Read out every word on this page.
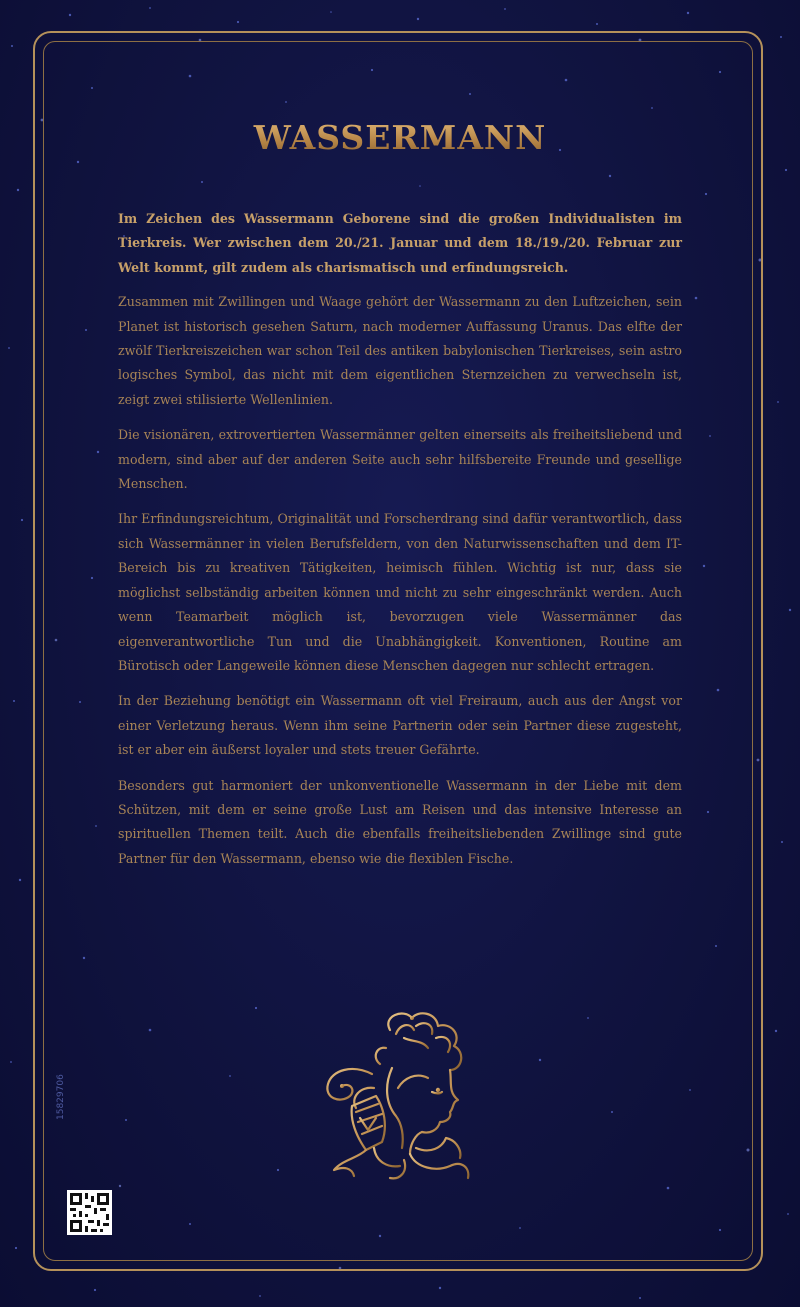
WASSERMANN

Im Zeichen des Wassermann Geborene sind die großen Individualisten im Tierkreis. Wer zwischen dem 20./21. Januar und dem 18./19./20. Februar zur Welt kommt, gilt zudem als charismatisch und erfindungsreich.

Zusammen mit Zwillingen und Waage gehört der Wassermann zu den Luftzeichen, sein Planet ist historisch gesehen Saturn, nach moderner Auffassung Uranus. Das elfte der zwölf Tierkreiszeichen war schon Teil des antiken babylonischen Tierkreises, sein astro logisches Symbol, das nicht mit dem eigentlichen Sternzeichen zu verwechseln ist, zeigt zwei stilisierte Wellenlinien.

Die visionären, extrovertierten Wassermänner gelten einerseits als freiheitsliebend und modern, sind aber auf der anderen Seite auch sehr hilfsbereite Freunde und gesellige Menschen.

Ihr Erfindungsreichtum, Originalität und Forscherdrang sind dafür verantwortlich, dass sich Wassermänner in vielen Berufsfeldern, von den Naturwissenschaften und dem IT-Bereich bis zu kreativen Tätigkeiten, heimisch fühlen. Wichtig ist nur, dass sie möglichst selbständig arbeiten können und nicht zu sehr eingeschränkt werden. Auch wenn Teamarbeit möglich ist, bevorzugen viele Wassermänner das eigenverantwortliche Tun und die Unabhängigkeit. Konventionen, Routine am Bürotisch oder Langeweile können diese Menschen dagegen nur schlecht ertragen.

In der Beziehung benötigt ein Wassermann oft viel Freiraum, auch aus der Angst vor einer Verletzung heraus. Wenn ihm seine Partnerin oder sein Partner diese zugesteht, ist er aber ein äußerst loyaler und stets treuer Gefährte.

Besonders gut harmoniert der unkonventionelle Wassermann in der Liebe mit dem Schützen, mit dem er seine große Lust am Reisen und das intensive Interesse an spirituellen Themen teilt. Auch die ebenfalls freiheitsliebenden Zwillinge sind gute Partner für den Wassermann, ebenso wie die flexiblen Fische.

15829706
